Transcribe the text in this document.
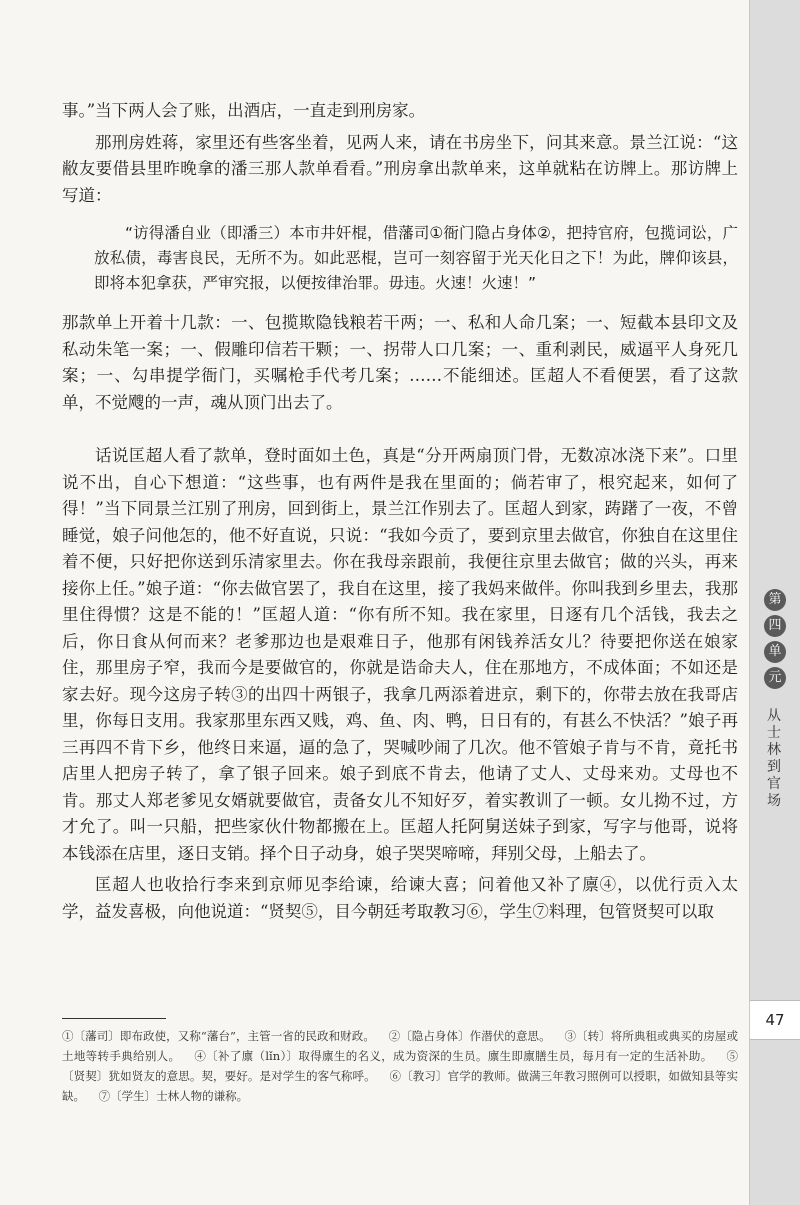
事。”当下两人会了账，出酒店，一直走到刑房家。

那刑房姓蒋，家里还有些客坐着，见两人来，请在书房坐下，问其来意。景兰江说：“这敝友要借县里昨晚拿的潘三那人款单看看。”刑房拿出款单来，这单就粘在访牌上。那访牌上写道：

“访得潘自业（即潘三）本市井奸棍，借藩司①衙门隐占身体②，把持官府，包揽词讼，广放私债，毒害良民，无所不为。如此恶棍，岂可一刻容留于光天化日之下！为此，牌仰该县，即将本犯拿获，严审究报，以便按律治罪。毋违。火速！火速！”

那款单上开着十几款：一、包揽欺隐钱粮若干两；一、私和人命几案；一、短截本县印文及私动朱笔一案；一、假雕印信若干颗；一、拐带人口几案；一、重利剥民，威逼平人身死几案；一、勾串提学衙门，买嘱枪手代考几案；……不能细述。匡超人不看便罢，看了这款单，不觉飕的一声，魂从顶门出去了。

话说匡超人看了款单，登时面如土色，真是“分开两扇顶门骨，无数凉冰浇下来”。口里说不出，自心下想道：“这些事，也有两件是我在里面的；倘若审了，根究起来，如何了得！”当下同景兰江别了刑房，回到街上，景兰江作别去了。匡超人到家，踌躇了一夜，不曾睡觉，娘子问他怎的，他不好直说，只说：“我如今贡了，要到京里去做官，你独自在这里住着不便，只好把你送到乐清家里去。你在我母亲跟前，我便往京里去做官；做的兴头，再来接你上任。”娘子道：“你去做官罢了，我自在这里，接了我妈来做伴。你叫我到乡里去，我那里住得惯？这是不能的！”匡超人道：“你有所不知。我在家里，日逐有几个活钱，我去之后，你日食从何而来？老爹那边也是艰难日子，他那有闲钱养活女儿？待要把你送在娘家住，那里房子窄，我而今是要做官的，你就是诰命夫人，住在那地方，不成体面；不如还是家去好。现今这房子转③的出四十两银子，我拿几两添着进京，剩下的，你带去放在我哥店里，你每日支用。我家那里东西又贱，鸡、鱼、肉、鸭，日日有的，有甚么不快活？”娘子再三再四不肯下乡，他终日来逼，逼的急了，哭喊吵闹了几次。他不管娘子肯与不肯，竟托书店里人把房子转了，拿了银子回来。娘子到底不肯去，他请了丈人、丈母来劝。丈母也不肯。那丈人郑老爹见女婿就要做官，责备女儿不知好歹，着实教训了一顿。女儿拗不过，方才允了。叫一只船，把些家伙什物都搬在上。匡超人托阿舅送妹子到家，写字与他哥，说将本钱添在店里，逐日支销。择个日子动身，娘子哭哭啼啼，拜别父母，上船去了。

匡超人也收拾行李来到京师见李给谏，给谏大喜；问着他又补了廪④，以优行贡入太学，益发喜极，向他说道：“贤契⑤，目今朝廷考取教习⑥，学生⑦料理，包管贤契可以取

①〔藩司〕即布政使，又称“藩台”，主管一省的民政和财政。 ②〔隐占身体〕作潜伏的意思。 ③〔转〕将所典租或典买的房屋或土地等转手典给别人。 ④〔补了廪（lǐn）〕取得廪生的名义，成为资深的生员。廪生即廪膳生员，每月有一定的生活补助。 ⑤〔贤契〕犹如贤友的意思。契，要好。是对学生的客气称呼。 ⑥〔教习〕官学的教师。做满三年教习照例可以授职，如做知县等实缺。 ⑦〔学生〕士林人物的谦称。
第
四
单
元
从士林到官场
47
